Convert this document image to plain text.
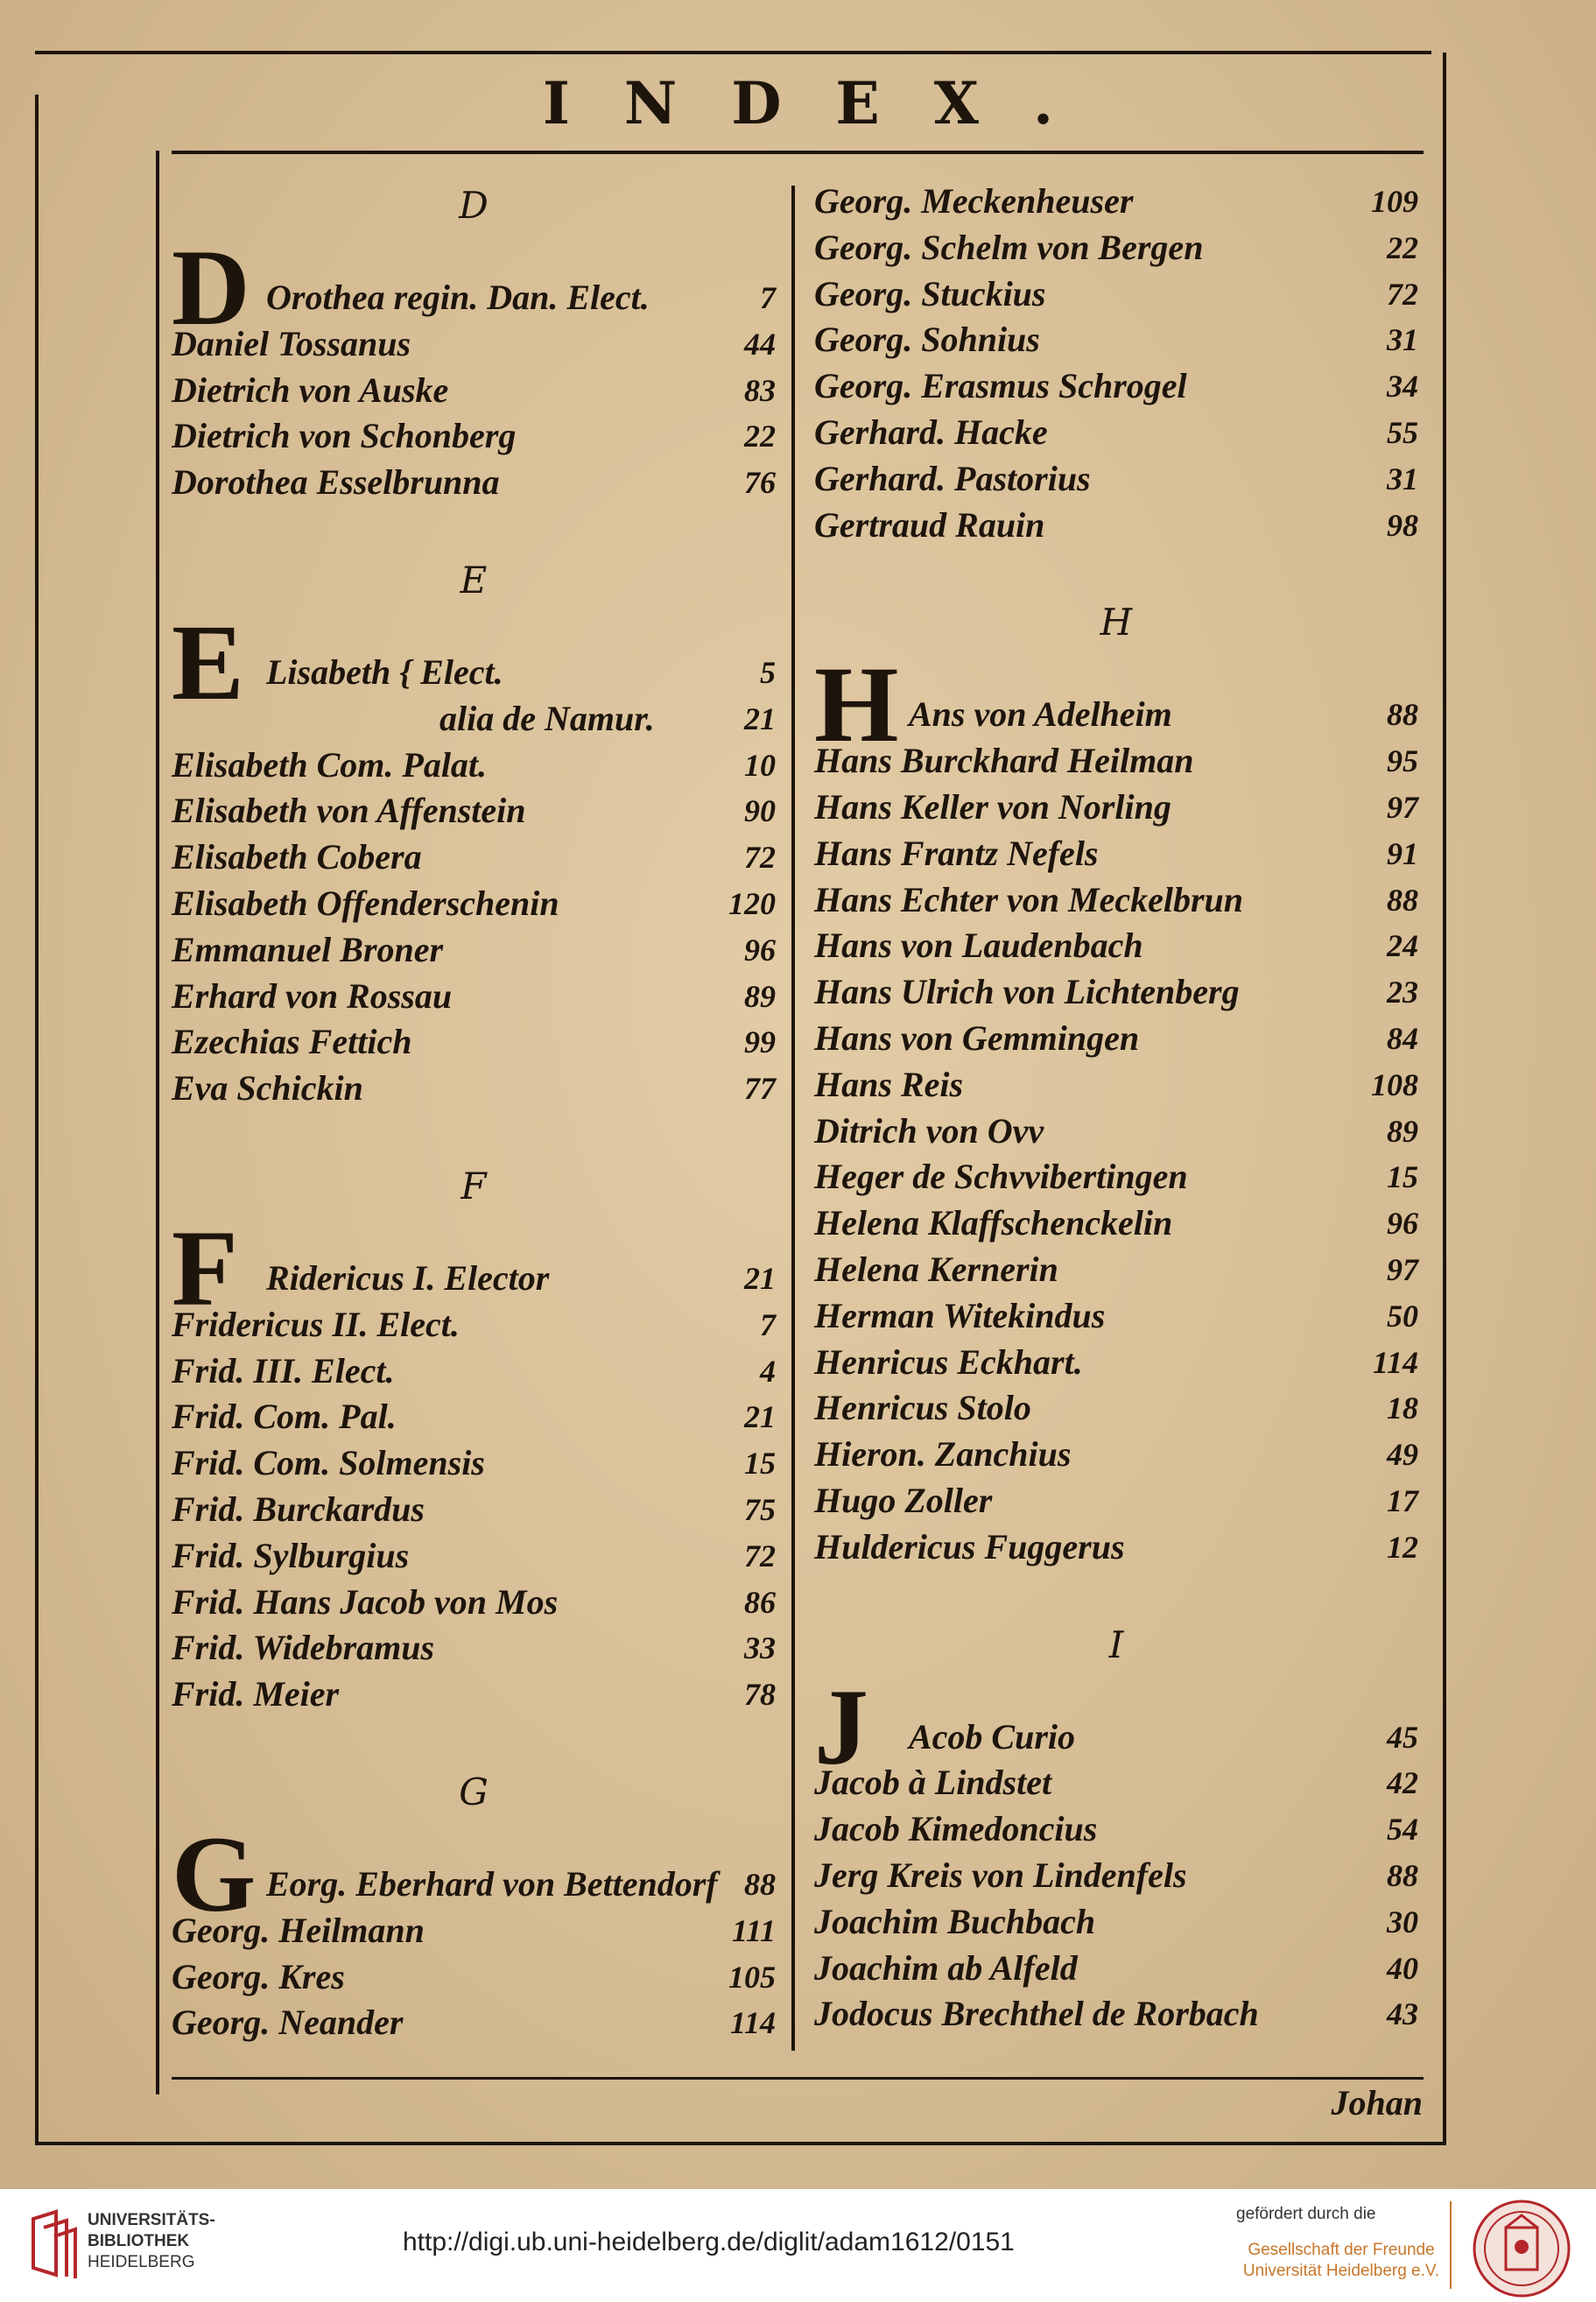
INDEX.
D
D Orothea regin. Dan. Elect.	7
Daniel Tossanus	44
Dietrich von Auske	83
Dietrich von Schonberg	22
Dorothea Esselbrunna	76
E
E Lisabeth { Elect.	5
alia de Namur.	21
Elisabeth Com. Palat.	10
Elisabeth von Affenstein	90
Elisabeth Cobera	72
Elisabeth Offenderschenin	120
Emmanuel Broner	96
Erhard von Rossau	89
Ezechias Fettich	99
Eva Schickin	77
F
F Ridericus I. Elector	21
Fridericus II. Elect.	7
Frid. III. Elect.	4
Frid. Com. Pal.	21
Frid. Com. Solmensis	15
Frid. Burckardus	75
Frid. Sylburgius	72
Frid. Hans Jacob von Mos	86
Frid. Widebramus	33
Frid. Meier	78
G
G Eorg. Eberhard von Bettendorf 88
Georg. Heilmann	111
Georg. Kres	105
Georg. Neander	114
Georg. Meckenheuser	109
Georg. Schelm von Bergen	22
Georg. Stuckius	72
Georg. Sohnius	31
Georg. Erasmus Schrogel	34
Gerhard. Hacke	55
Gerhard. Pastorius	31
Gertraud Rauin	98
H
H Ans von Adelheim	88
Hans Burckhard Heilman	95
Hans Keller von Norling	97
Hans Frantz Nefels	91
Hans Echter von Meckelbrun	88
Hans von Laudenbach	24
Hans Ulrich von Lichtenberg	23
Hans von Gemmingen	84
Hans Reis	108
Ditrich von Ovv	89
Heger de Schvvibertingen	15
Helena Klaffschenckelin	96
Helena Kernerin	97
Herman Witekindus	50
Henricus Eckhart.	114
Henricus Stolo	18
Hieron. Zanchius	49
Hugo Zoller	17
Huldericus Fuggerus	12
I
J Acob Curio	45
Jacob à Lindstet	42
Jacob Kimedoncius	54
Jerg Kreis von Lindenfels	88
Joachim Buchbach	30
Joachim ab Alfeld	40
Jodocus Brechthel de Rorbach	43
Johan
UNIVERSITÄTS-
BIBLIOTHEK
HEIDELBERG
http://digi.ub.uni-heidelberg.de/diglit/adam1612/0151
gefördert durch die
Gesellschaft der Freunde
Universität Heidelberg e.V.
